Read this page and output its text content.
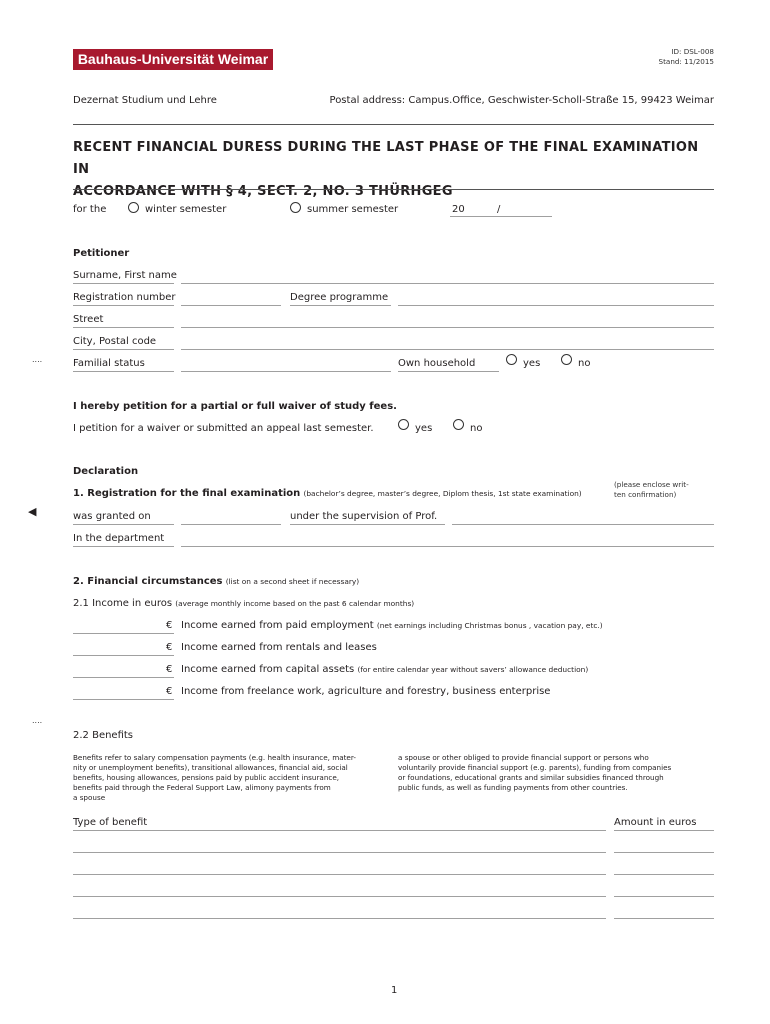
Bauhaus-Universität Weimar	ID: DSL-008
Stand: 11/2015
Dezernat Studium und Lehre	Postal address: Campus.Office, Geschwister-Scholl-Straße 15, 99423 Weimar
RECENT FINANCIAL DURESS DURING THE LAST PHASE OF THE FINAL EXAMINATION IN
ACCORDANCE WITH § 4, SECT. 2, NO. 3 THÜRHGEG
for the	winter semester	summer semester	20	/
Petitioner
Surname, First name
Registration number	Degree programme
Street
City, Postal code
....	Familial status	Own household	yes	no
I hereby petition for a partial or full waiver of study fees.
I petition for a waiver or submitted an appeal last semester.	yes	no
Declaration
1. Registration for the final examination (bachelor’s degree, master’s degree, Diplom thesis, 1st state examination)
(please enclose writ-
ten confirmation)
◀	was granted on	under the supervision of Prof.
In the department
2. Financial circumstances (list on a second sheet if necessary)
2.1 Income in euros (average monthly income based on the past 6 calendar months)
€ Income earned from paid employment (net earnings including Christmas bonus , vacation pay, etc.)
€ Income earned from rentals and leases
€ Income earned from capital assets (for entire calendar year without savers’ allowance deduction)
€ Income from freelance work, agriculture and forestry, business enterprise
....
2.2 Benefits
Benefits refer to salary compensation payments (e.g. health insurance, mater-
nity or unemployment benefits), transitional allowances, financial aid, social
benefits, housing allowances, pensions paid by public accident insurance,
benefits paid through the Federal Support Law, alimony payments from
a spouse
a spouse or other obliged to provide financial support or persons who
voluntarily provide financial support (e.g. parents), funding from companies
or foundations, educational grants and similar subsidies financed through
public funds, as well as funding payments from other countries.
Type of benefit	Amount in euros
1
